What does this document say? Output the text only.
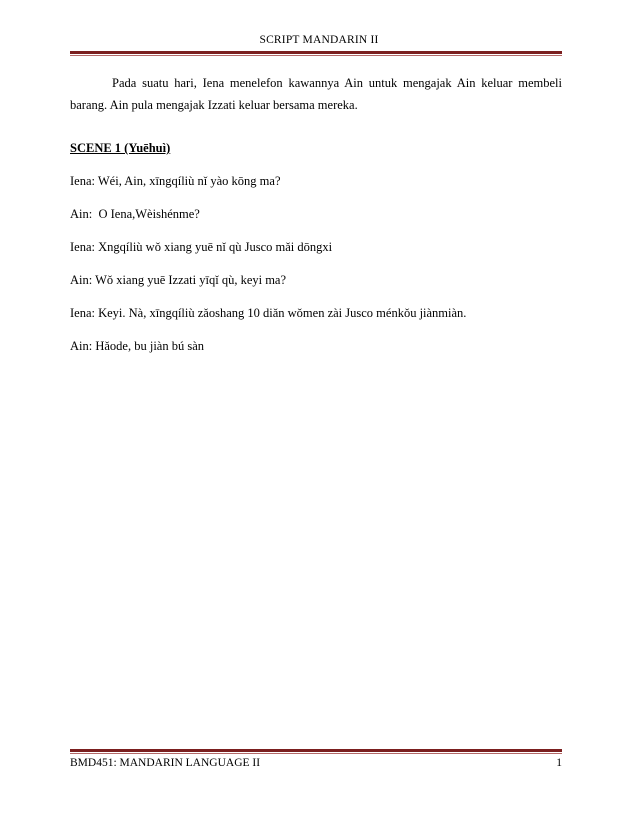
SCRIPT MANDARIN II

Pada suatu hari, Iena menelefon kawannya Ain untuk mengajak Ain keluar membeli barang. Ain pula mengajak Izzati keluar bersama mereka.

SCENE 1 (Yuēhuì)
Iena: Wéi, Ain, xīngqíliù nǐ yào kōng ma?
Ain:  O Iena,Wèishénme?
Iena: Xngqíliù wǒ xiang yuē nǐ qù Jusco mǎi dōngxi
Ain: Wǒ xiang yuē Izzati yīqǐ qù, keyi ma?
Iena: Keyi. Nà, xīngqíliù zǎoshang 10 diǎn wǒmen zài Jusco ménkǒu jiànmiàn.
Ain: Hǎode, bu jiàn bú sàn
BMD451: MANDARIN LANGUAGE II	1
